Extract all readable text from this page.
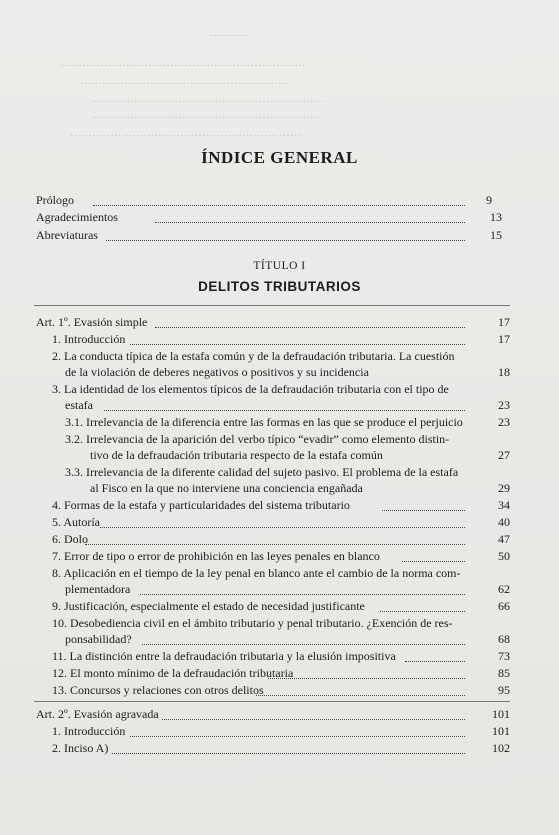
··········
···································································
·························································
································································
·······························································
·······························································
ÍNDICE GENERAL
Prólogo	9
Agradecimientos	13
Abreviaturas	15
TÍTULO I
DELITOS TRIBUTARIOS
Art. 1º. Evasión simple	17
1. Introducción	17
2. La conducta típica de la estafa común y de la defraudación tributaria. La cuestión
de la violación de deberes negativos o positivos y su incidencia	18
3. La identidad de los elementos típicos de la defraudación tributaria con el tipo de
estafa	23
3.1. Irrelevancia de la diferencia entre las formas en las que se produce el perjuicio	23
3.2. Irrelevancia de la aparición del verbo típico “evadir” como elemento distin-
tivo de la defraudación tributaria respecto de la estafa común	27
3.3. Irrelevancia de la diferente calidad del sujeto pasivo. El problema de la estafa
al Fisco en la que no interviene una conciencia engañada	29
4. Formas de la estafa y particularidades del sistema tributario	34
5. Autoría	40
6. Dolo	47
7. Error de tipo o error de prohibición en las leyes penales en blanco	50
8. Aplicación en el tiempo de la ley penal en blanco ante el cambio de la norma com-
plementadora	62
9. Justificación, especialmente el estado de necesidad justificante	66
10. Desobediencia civil en el ámbito tributario y penal tributario. ¿Exención de res-
ponsabilidad?	68
11. La distinción entre la defraudación tributaria y la elusión impositiva	73
12. El monto mínimo de la defraudación tributaria	85
13. Concursos y relaciones con otros delitos	95
Art. 2º. Evasión agravada	101
1. Introducción	101
2. Inciso A)	102
